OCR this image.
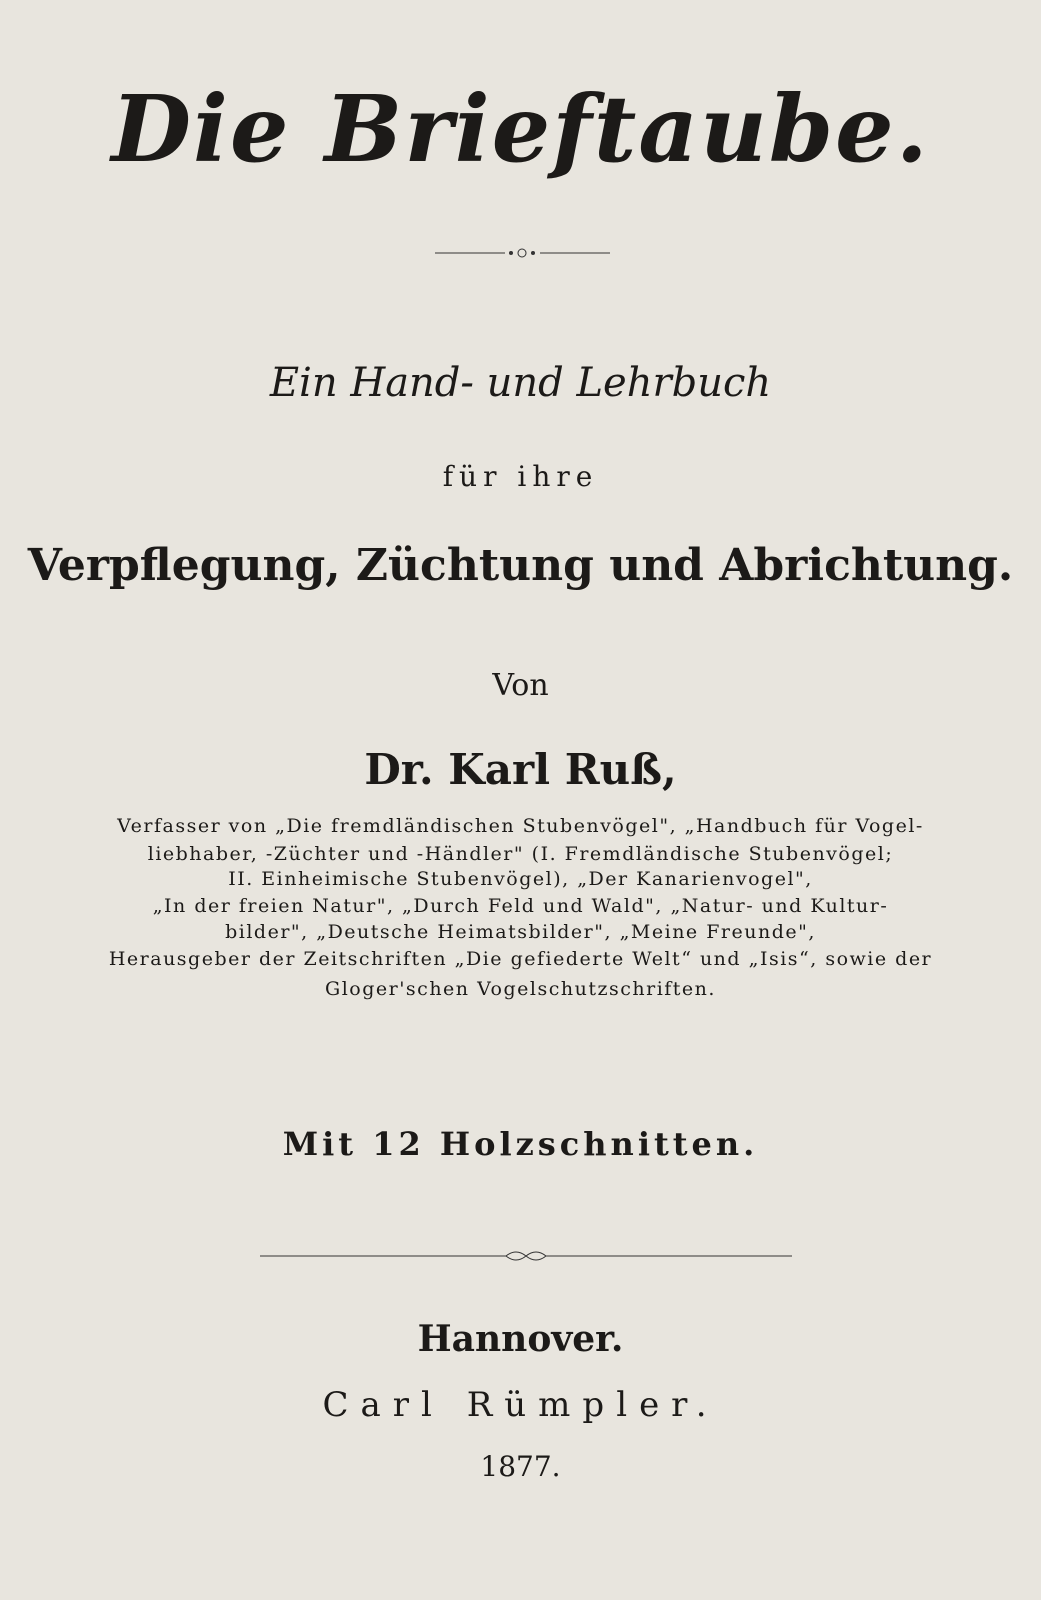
Die Brieftaube.
Ein Hand- und Lehrbuch
für ihre
Verpflegung, Züchtung und Abrichtung.
Von
Dr. Karl Ruß,
Verfasser von „Die fremdländischen Stubenvögel", „Handbuch für Vogel-
liebhaber, -Züchter und -Händler" (I. Fremdländische Stubenvögel;
II. Einheimische Stubenvögel), „Der Kanarienvogel",
„In der freien Natur", „Durch Feld und Wald", „Natur- und Kultur-
bilder", „Deutsche Heimatsbilder", „Meine Freunde",
Herausgeber der Zeitschriften „Die gefiederte Welt“ und „Isis“, sowie der
Gloger'schen Vogelschutzschriften.
Mit 12 Holzschnitten.
Hannover.
Carl Rümpler.
1877.
